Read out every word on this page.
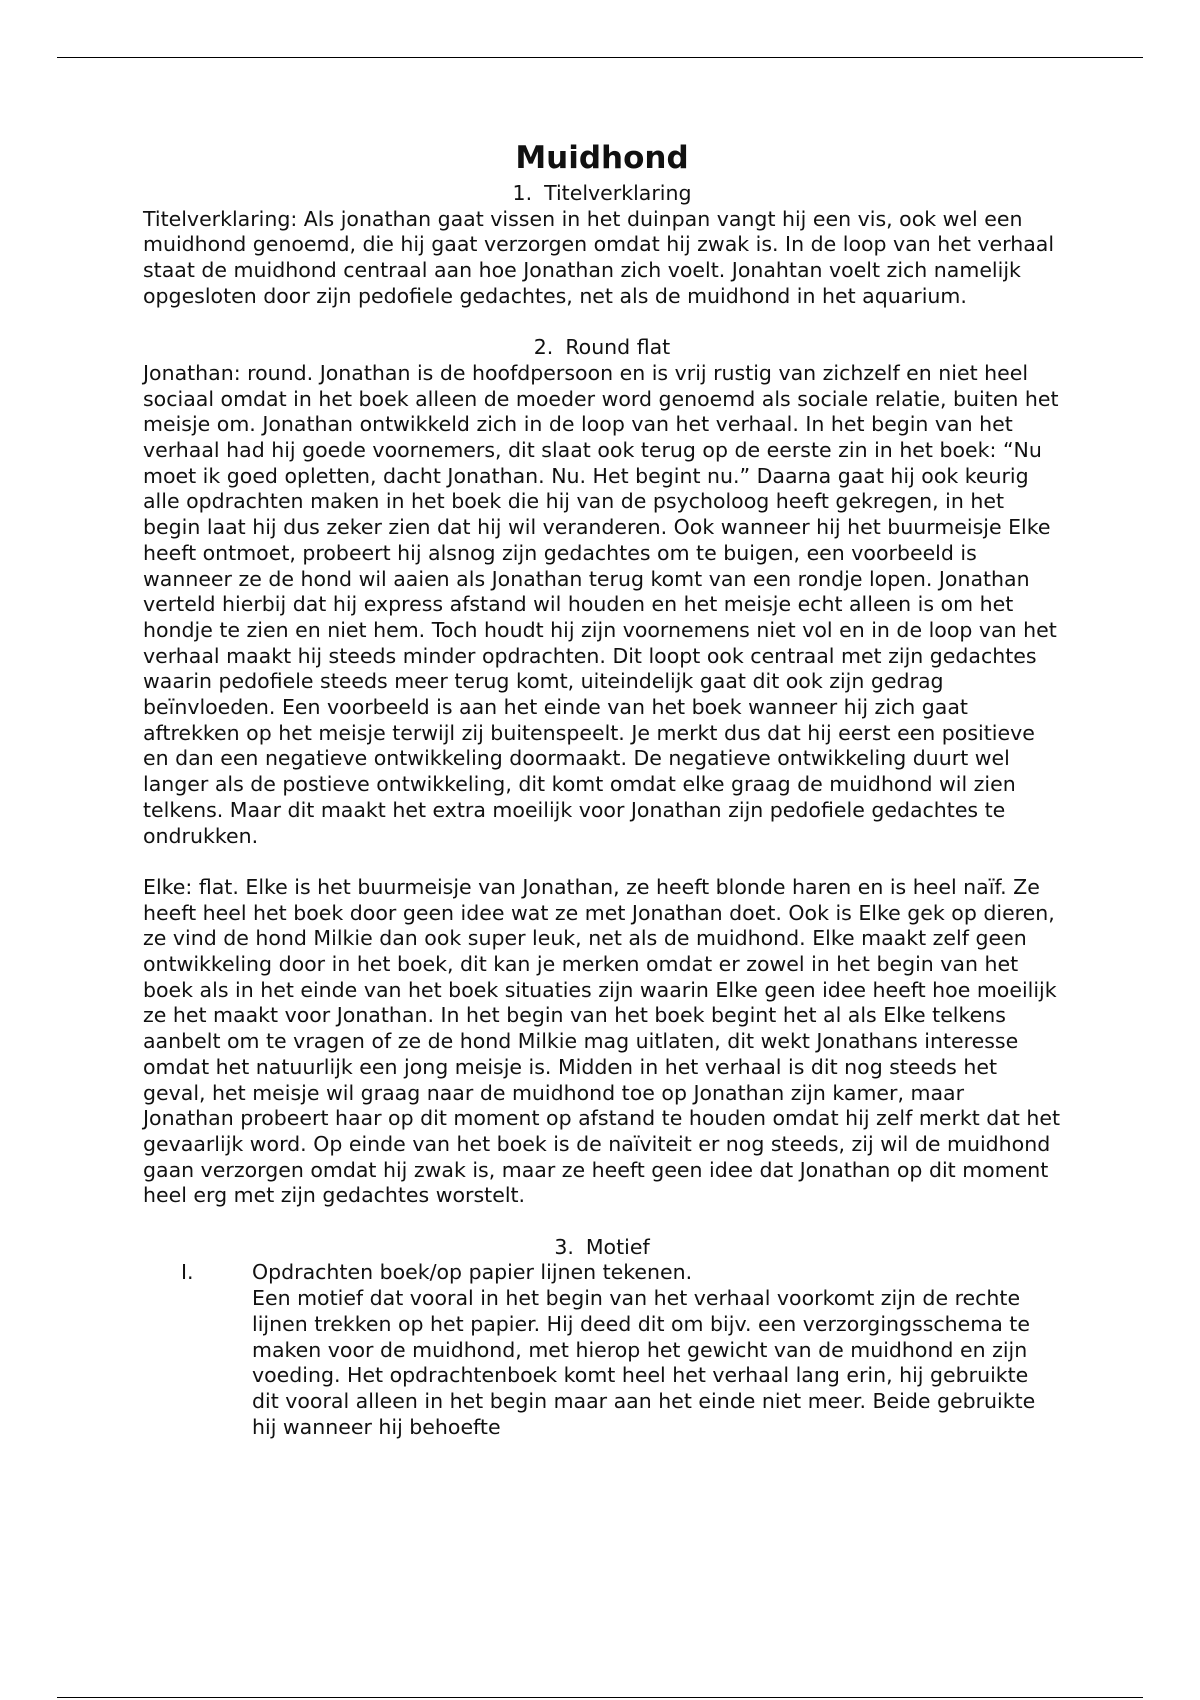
Muidhond
1. Titelverklaring

Titelverklaring: Als jonathan gaat vissen in het duinpan vangt hij een vis, ook wel een muidhond genoemd, die hij gaat verzorgen omdat hij zwak is. In de loop van het verhaal staat de muidhond centraal aan hoe Jonathan zich voelt. Jonahtan voelt zich namelijk opgesloten door zijn pedofiele gedachtes, net als de muidhond in het aquarium.

2. Round flat

Jonathan: round. Jonathan is de hoofdpersoon en is vrij rustig van zichzelf en niet heel sociaal omdat in het boek alleen de moeder word genoemd als sociale relatie, buiten het meisje om. Jonathan ontwikkeld zich in de loop van het verhaal. In het begin van het verhaal had hij goede voornemers, dit slaat ook terug op de eerste zin in het boek: “Nu moet ik goed opletten, dacht Jonathan. Nu. Het begint nu.” Daarna gaat hij ook keurig alle opdrachten maken in het boek die hij van de psycholoog heeft gekregen, in het begin laat hij dus zeker zien dat hij wil veranderen. Ook wanneer hij het buurmeisje Elke heeft ontmoet, probeert hij alsnog zijn gedachtes om te buigen, een voorbeeld is wanneer ze de hond wil aaien als Jonathan terug komt van een rondje lopen. Jonathan verteld hierbij dat hij express afstand wil houden en het meisje echt alleen is om het hondje te zien en niet hem. Toch houdt hij zijn voornemens niet vol en in de loop van het verhaal maakt hij steeds minder opdrachten. Dit loopt ook centraal met zijn gedachtes waarin pedofiele steeds meer terug komt, uiteindelijk gaat dit ook zijn gedrag beïnvloeden. Een voorbeeld is aan het einde van het boek wanneer hij zich gaat aftrekken op het meisje terwijl zij buitenspeelt. Je merkt dus dat hij eerst een positieve en dan een negatieve ontwikkeling doormaakt. De negatieve ontwikkeling duurt wel langer als de postieve ontwikkeling, dit komt omdat elke graag de muidhond wil zien telkens. Maar dit maakt het extra moeilijk voor Jonathan zijn pedofiele gedachtes te ondrukken.

Elke: flat. Elke is het buurmeisje van Jonathan, ze heeft blonde haren en is heel naïf. Ze heeft heel het boek door geen idee wat ze met Jonathan doet. Ook is Elke gek op dieren, ze vind de hond Milkie dan ook super leuk, net als de muidhond. Elke maakt zelf geen ontwikkeling door in het boek, dit kan je merken omdat er zowel in het begin van het boek als in het einde van het boek situaties zijn waarin Elke geen idee heeft hoe moeilijk ze het maakt voor Jonathan. In het begin van het boek begint het al als Elke telkens aanbelt om te vragen of ze de hond Milkie mag uitlaten, dit wekt Jonathans interesse omdat het natuurlijk een jong meisje is. Midden in het verhaal is dit nog steeds het geval, het meisje wil graag naar de muidhond toe op Jonathan zijn kamer, maar Jonathan probeert haar op dit moment op afstand te houden omdat hij zelf merkt dat het gevaarlijk word. Op einde van het boek is de naïviteit er nog steeds, zij wil de muidhond gaan verzorgen omdat hij zwak is, maar ze heeft geen idee dat Jonathan op dit moment heel erg met zijn gedachtes worstelt.

3. Motief
I.	Opdrachten boek/op papier lijnen tekenen.

Een motief dat vooral in het begin van het verhaal voorkomt zijn de rechte lijnen trekken op het papier. Hij deed dit om bijv. een verzorgingsschema te maken voor de muidhond, met hierop het gewicht van de muidhond en zijn voeding. Het opdrachtenboek komt heel het verhaal lang erin, hij gebruikte dit vooral alleen in het begin maar aan het einde niet meer. Beide gebruikte hij wanneer hij behoefte
